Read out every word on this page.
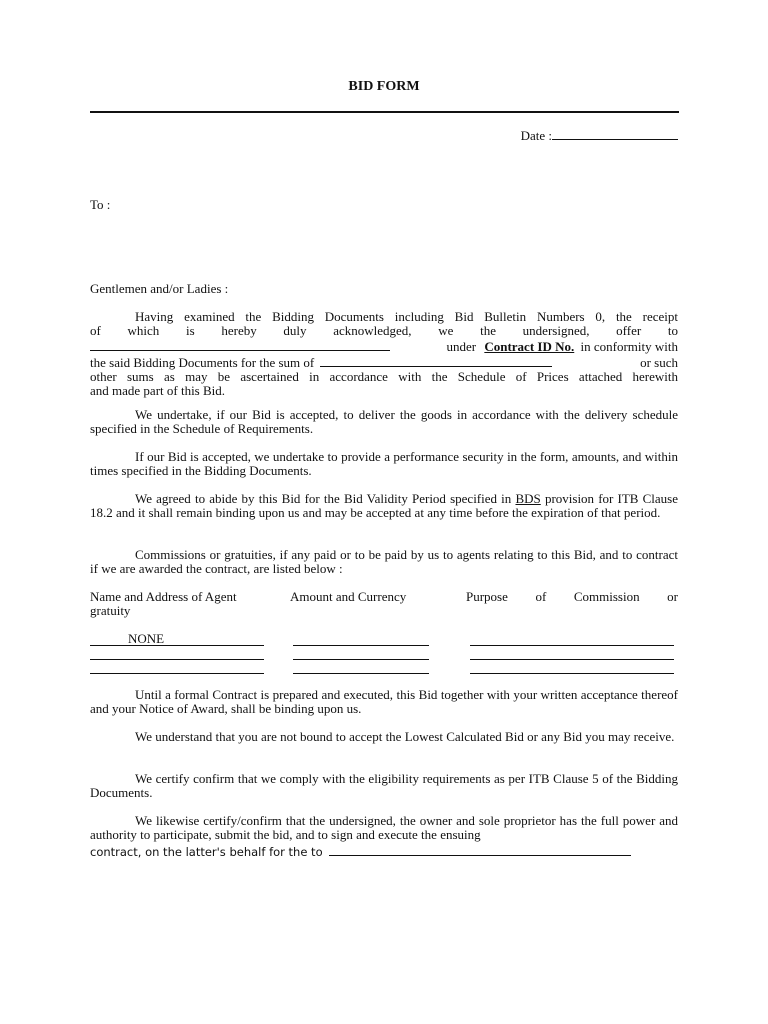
BID FORM
Date :
To :
Gentlemen and/or Ladies :
Having examined the Bidding Documents including Bid Bulletin Numbers 0, the receipt
of which is hereby duly acknowledged, we the undersigned, offer to
under Contract ID No. in conformity with
the said Bidding Documents for the sum of	or such
other sums as may be ascertained in accordance with the Schedule of Prices attached herewith
and made part of this Bid.
We undertake, if our Bid is accepted, to deliver the goods in accordance with the delivery schedule specified in the Schedule of Requirements.
If our Bid is accepted, we undertake to provide a performance security in the form, amounts, and within times specified in the Bidding Documents.
We agreed to abide by this Bid for the Bid Validity Period specified in BDS provision for ITB Clause 18.2 and it shall remain binding upon us and may be accepted at any time before the expiration of that period.
Commissions or gratuities, if any paid or to be paid by us to agents relating to this Bid, and to contract if we are awarded the contract, are listed below :
Name and Address of Agent	Amount and Currency	Purpose of Commission or
gratuity
NONE
Until a formal Contract is prepared and executed, this Bid together with your written acceptance thereof and your Notice of Award, shall be binding upon us.
We understand that you are not bound to accept the Lowest Calculated Bid or any Bid you may receive.
We certify confirm that we comply with the eligibility requirements as per ITB Clause 5 of the Bidding Documents.
We likewise certify/confirm that the undersigned, the owner and sole proprietor has the full power and authority to participate, submit the bid, and to sign and execute the ensuing
contract, on the latter's behalf for the to
